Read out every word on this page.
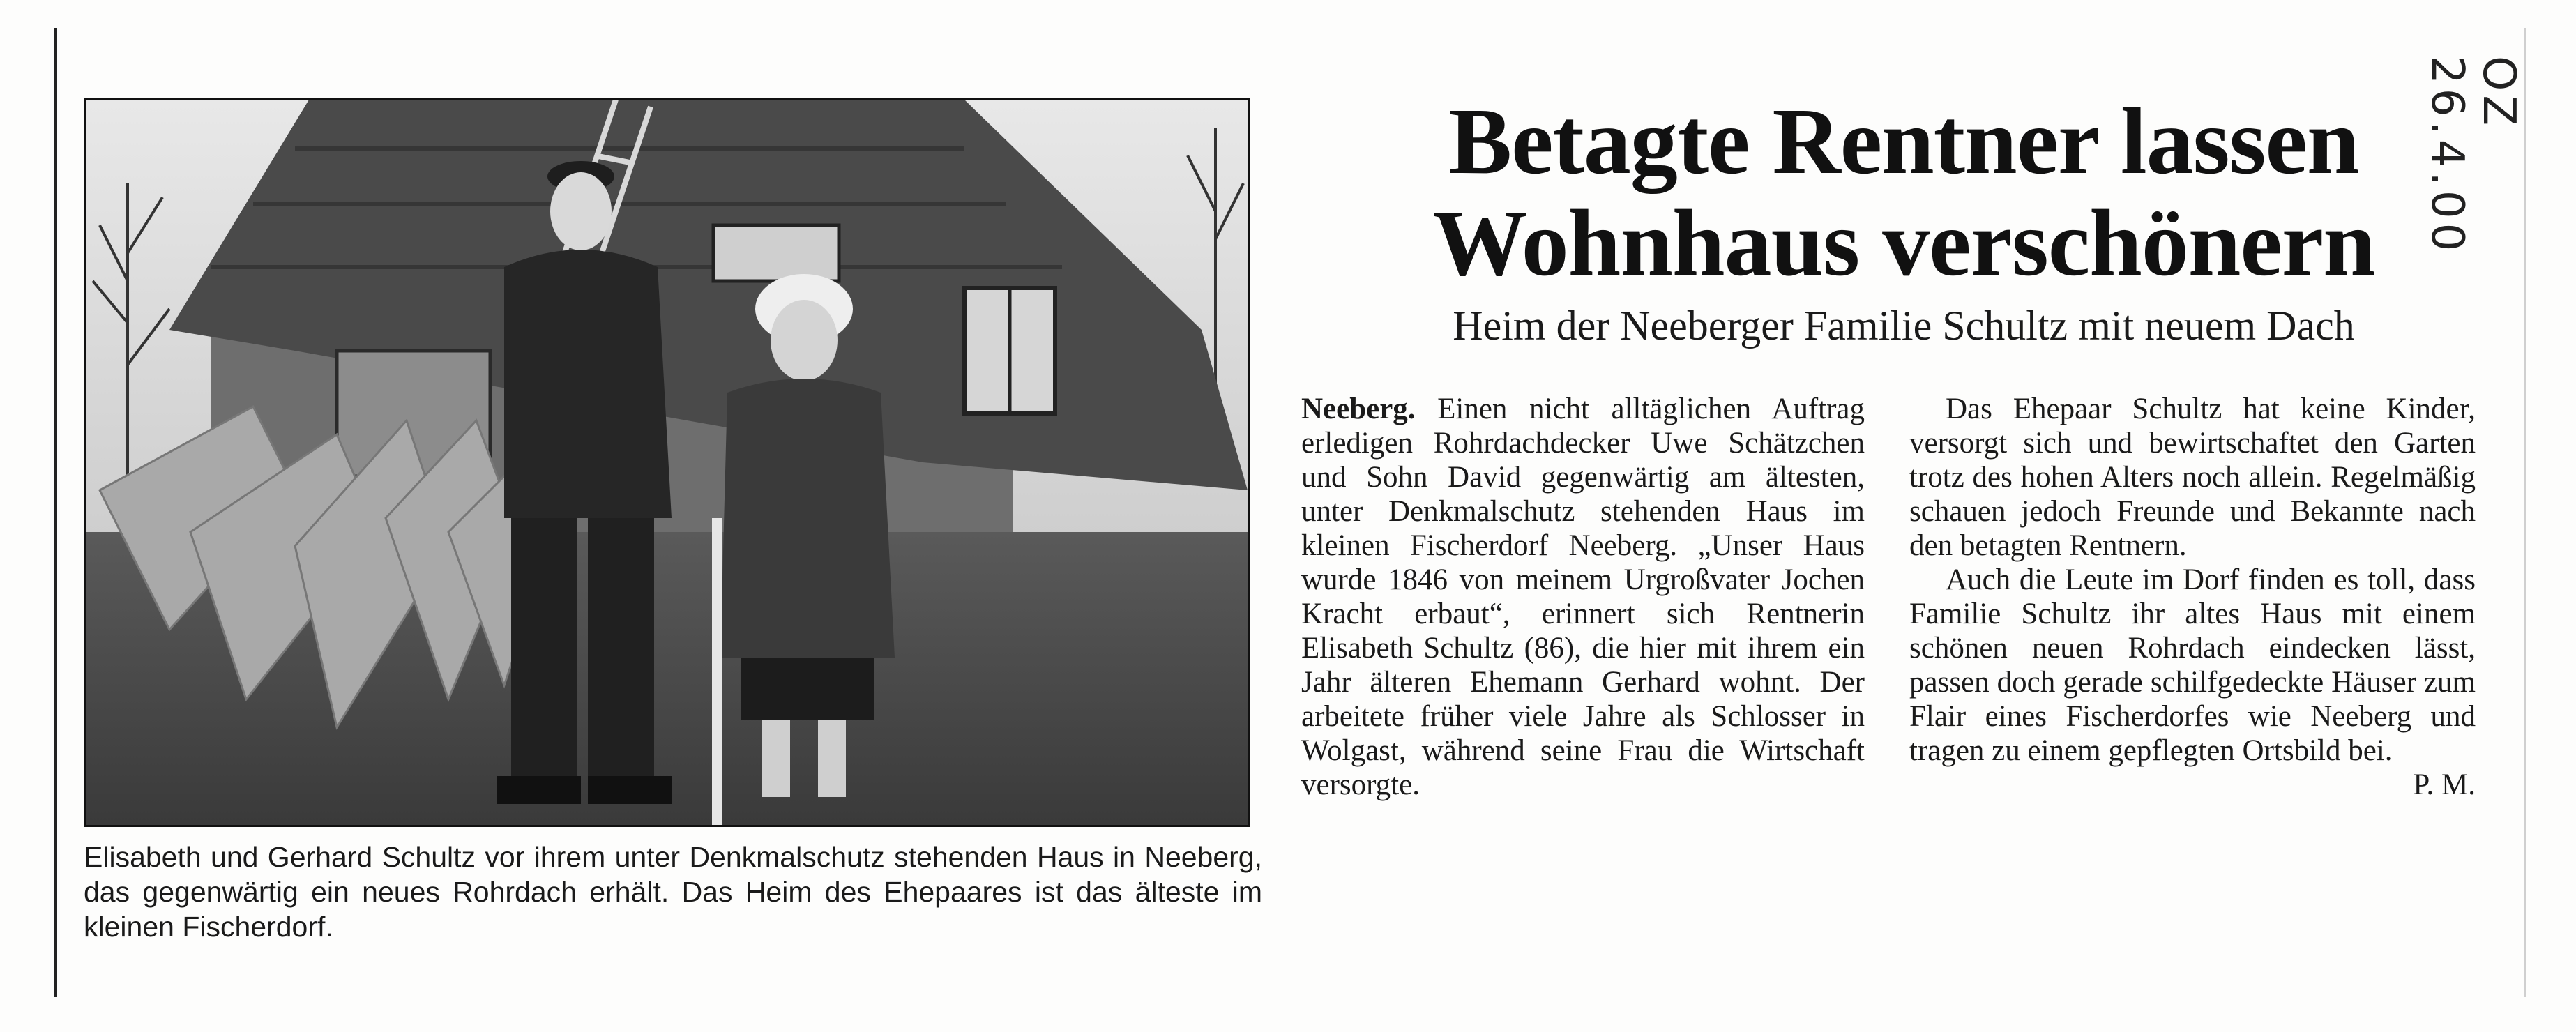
Elisabeth und Gerhard Schultz vor ihrem unter Denkmalschutz stehenden Haus in Neeberg, das gegenwärtig ein neues Rohrdach erhält. Das Heim des Ehepaares ist das älteste im kleinen Fischerdorf.
Betagte Rentner lassen
Wohnhaus verschönern
Heim der Neeberger Familie Schultz mit neuem Dach

Neeberg. Einen nicht alltäglichen Auftrag erledigen Rohrdachdecker Uwe Schätzchen und Sohn David gegenwärtig am ältesten, unter Denkmalschutz stehenden Haus im kleinen Fischerdorf Neeberg. „Unser Haus wurde 1846 von meinem Urgroßvater Jochen Kracht erbaut“, erinnert sich Rentnerin Elisabeth Schultz (86), die hier mit ihrem ein Jahr älteren Ehemann Gerhard wohnt. Der arbeitete früher viele Jahre als Schlosser in Wolgast, während seine Frau die Wirtschaft versorgte.

Das Ehepaar Schultz hat keine Kinder, versorgt sich und bewirtschaftet den Garten trotz des hohen Alters noch allein. Regelmäßig schauen jedoch Freunde und Bekannte nach den betagten Rentnern.

Auch die Leute im Dorf finden es toll, dass Familie Schultz ihr altes Haus mit einem schönen neuen Rohrdach eindecken lässt, passen doch gerade schilfgedeckte Häuser zum Flair eines Fischerdorfes wie Neeberg und tragen zu einem gepflegten Ortsbild bei.
P. M.

OZ 26.4.00
